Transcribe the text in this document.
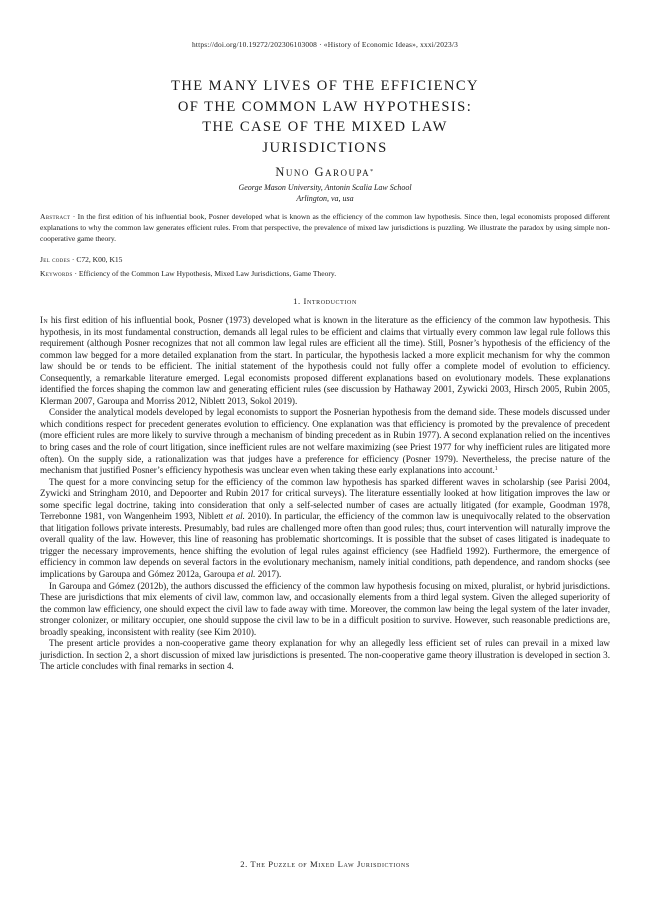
https://doi.org/10.19272/202306103008 · «History of Economic Ideas», xxxi/2023/3
THE MANY LIVES OF THE EFFICIENCY
OF THE COMMON LAW HYPOTHESIS:
THE CASE OF THE MIXED LAW
JURISDICTIONS
Nuno Garoupa*
George Mason University, Antonin Scalia Law School
Arlington, va, usa
Abstract · In the first edition of his influential book, Posner developed what is known as the efficiency of the common law hypothesis. Since then, legal economists proposed different explanations to why the common law generates efficient rules. From that perspective, the prevalence of mixed law jurisdictions is puzzling. We illustrate the paradox by using simple non-cooperative game theory.
Jel codes · C72, K00, K15
Keywords · Efficiency of the Common Law Hypothesis, Mixed Law Jurisdictions, Game Theory.
1. Introduction

In his first edition of his influential book, Posner (1973) developed what is known in the literature as the efficiency of the common law hypothesis. This hypothesis, in its most fundamental construction, demands all legal rules to be efficient and claims that virtually every common law legal rule follows this requirement (although Posner recognizes that not all common law legal rules are efficient all the time). Still, Posner’s hypothesis of the efficiency of the common law begged for a more detailed explanation from the start. In particular, the hypothesis lacked a more explicit mechanism for why the common law should be or tends to be efficient. The initial statement of the hypothesis could not fully offer a complete model of evolution to efficiency. Consequently, a remarkable literature emerged. Legal economists proposed different explanations based on evolutionary models. These explanations identified the forces shaping the common law and generating efficient rules (see discussion by Hathaway 2001, Zywicki 2003, Hirsch 2005, Rubin 2005, Klerman 2007, Garoupa and Morriss 2012, Niblett 2013, Sokol 2019).

Consider the analytical models developed by legal economists to support the Posnerian hypothesis from the demand side. These models discussed under which conditions respect for precedent generates evolution to efficiency. One explanation was that efficiency is promoted by the prevalence of precedent (more efficient rules are more likely to survive through a mechanism of binding precedent as in Rubin 1977). A second explanation relied on the incentives to bring cases and the role of court litigation, since inefficient rules are not welfare maximizing (see Priest 1977 for why inefficient rules are litigated more often). On the supply side, a rationalization was that judges have a preference for efficiency (Posner 1979). Nevertheless, the precise nature of the mechanism that justified Posner’s efficiency hypothesis was unclear even when taking these early explanations into account.$^1$

The quest for a more convincing setup for the efficiency of the common law hypothesis has sparked different waves in scholarship (see Parisi 2004, Zywicki and Stringham 2010, and Depoorter and Rubin 2017 for critical surveys). The literature essentially looked at how litigation improves the law or some specific legal doctrine, taking into consideration that only a self-selected number of cases are actually litigated (for example, Goodman 1978, Terrebonne 1981, von Wangenheim 1993, Niblett et al. 2010). In particular, the efficiency of the common law is unequivocally related to the observation that litigation follows private interests. Presumably, bad rules are challenged more often than good rules; thus, court intervention will naturally improve the overall quality of the law. However, this line of reasoning has problematic shortcomings. It is possible that the subset of cases litigated is inadequate to trigger the necessary improvements, hence shifting the evolution of legal rules against efficiency (see Hadfield 1992). Furthermore, the emergence of efficiency in common law depends on several factors in the evolutionary mechanism, namely initial conditions, path dependence, and random shocks (see implications by Garoupa and Gómez 2012a, Garoupa et al. 2017).

In Garoupa and Gómez (2012b), the authors discussed the efficiency of the common law hypothesis focusing on mixed, pluralist, or hybrid jurisdictions. These are jurisdictions that mix elements of civil law, common law, and occasionally elements from a third legal system. Given the alleged superiority of the common law efficiency, one should expect the civil law to fade away with time. Moreover, the common law being the legal system of the later invader, stronger colonizer, or military occupier, one should suppose the civil law to be in a difficult position to survive. However, such reasonable predictions are, broadly speaking, inconsistent with reality (see Kim 2010).

The present article provides a non-cooperative game theory explanation for why an allegedly less efficient set of rules can prevail in a mixed law jurisdiction. In section 2, a short discussion of mixed law jurisdictions is presented. The non-cooperative game theory illustration is developed in section 3. The article concludes with final remarks in section 4.

2. The Puzzle of Mixed Law Jurisdictions
